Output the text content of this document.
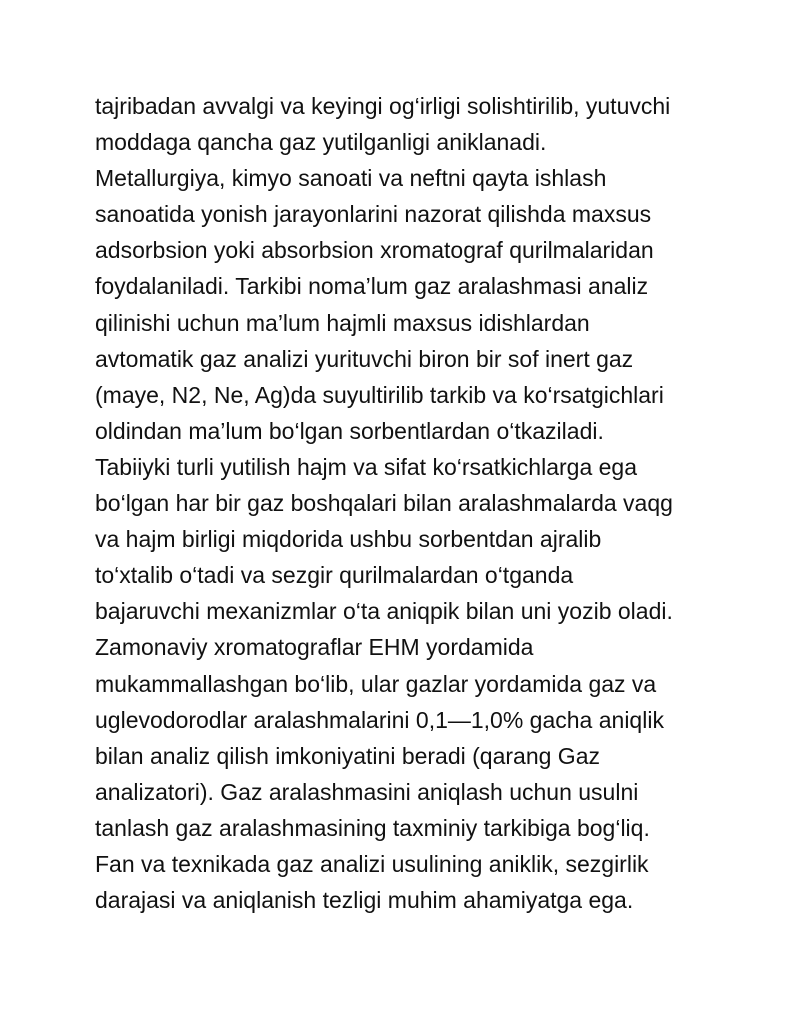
tajribadan avvalgi va keyingi og‘irligi solishtirilib, yutuvchi
moddaga qancha gaz yutilganligi aniklanadi.
Metallurgiya, kimyo sanoati va neftni qayta ishlash
sanoatida yonish jarayonlarini nazorat qilishda maxsus
adsorbsion yoki absorbsion xromatograf qurilmalaridan
foydalaniladi. Tarkibi noma’lum gaz aralashmasi analiz
qilinishi uchun ma’lum hajmli maxsus idishlardan
avtomatik gaz analizi yurituvchi biron bir sof inert gaz
(maye, N2, Ne, Ag)da suyultirilib tarkib va ko‘rsatgichlari
oldindan ma’lum bo‘lgan sorbentlardan o‘tkaziladi.
Tabiiyki turli yutilish hajm va sifat ko‘rsatkichlarga ega
bo‘lgan har bir gaz boshqalari bilan aralashmalarda vaqg
va hajm birligi miqdorida ushbu sorbentdan ajralib
to‘xtalib o‘tadi va sezgir qurilmalardan o‘tganda
bajaruvchi mexanizmlar o‘ta aniqpik bilan uni yozib oladi.
Zamonaviy xromatograflar EHM yordamida
mukammallashgan bo‘lib, ular gazlar yordamida gaz va
uglevodorodlar aralashmalarini 0,1—1,0% gacha aniqlik
bilan analiz qilish imkoniyatini beradi (qarang Gaz
analizatori). Gaz aralashmasini aniqlash uchun usulni
tanlash gaz aralashmasining taxminiy tarkibiga bog‘liq.
Fan va texnikada gaz analizi usulining aniklik, sezgirlik
darajasi va aniqlanish tezligi muhim ahamiyatga ega.
